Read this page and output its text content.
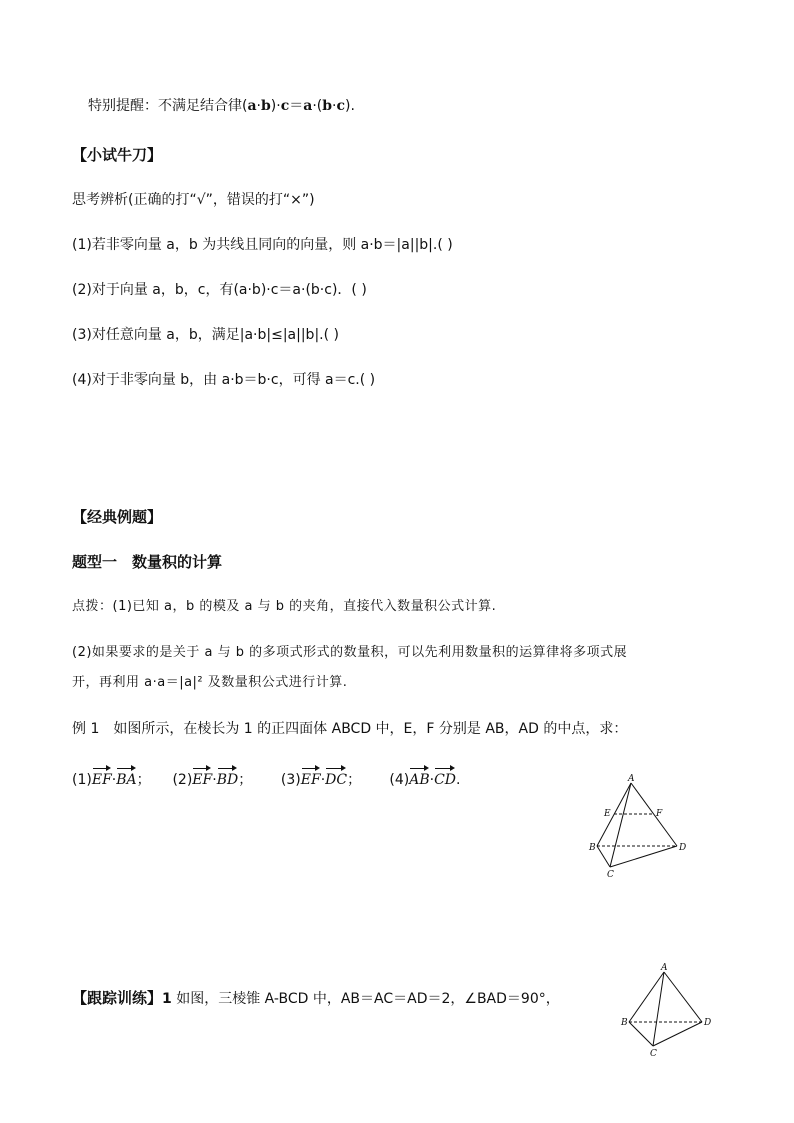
特别提醒：不满足结合律(a·b)·c＝a·(b·c).
【小试牛刀】
思考辨析(正确的打“√”，错误的打“×”)
(1)若非零向量 a，b 为共线且同向的向量，则 a·b＝|a||b|.( )
(2)对于向量 a，b，c，有(a·b)·c＝a·(b·c)．( )
(3)对任意向量 a，b，满足|a·b|≤|a||b|.( )
(4)对于非零向量 b，由 a·b＝b·c，可得 a＝c.( )
【经典例题】
题型一　数量积的计算
点拨：(1)已知 a，b 的模及 a 与 b 的夹角，直接代入数量积公式计算.
(2)如果要求的是关于 a 与 b 的多项式形式的数量积，可以先利用数量积的运算律将多项式展
开，再利用 a·a＝|a|² 及数量积公式进行计算.
例 1　如图所示，在棱长为 1 的正四面体 ABCD 中，E，F 分别是 AB，AD 的中点，求：
(1)EF·BA； (2)EF·BD； (3)EF·DC； (4)AB·CD.	A
B
C
D
E	F
【跟踪训练】1 如图，三棱锥 A-BCD 中，AB＝AC＝AD＝2，∠BAD＝90°，
A
B
C
D
